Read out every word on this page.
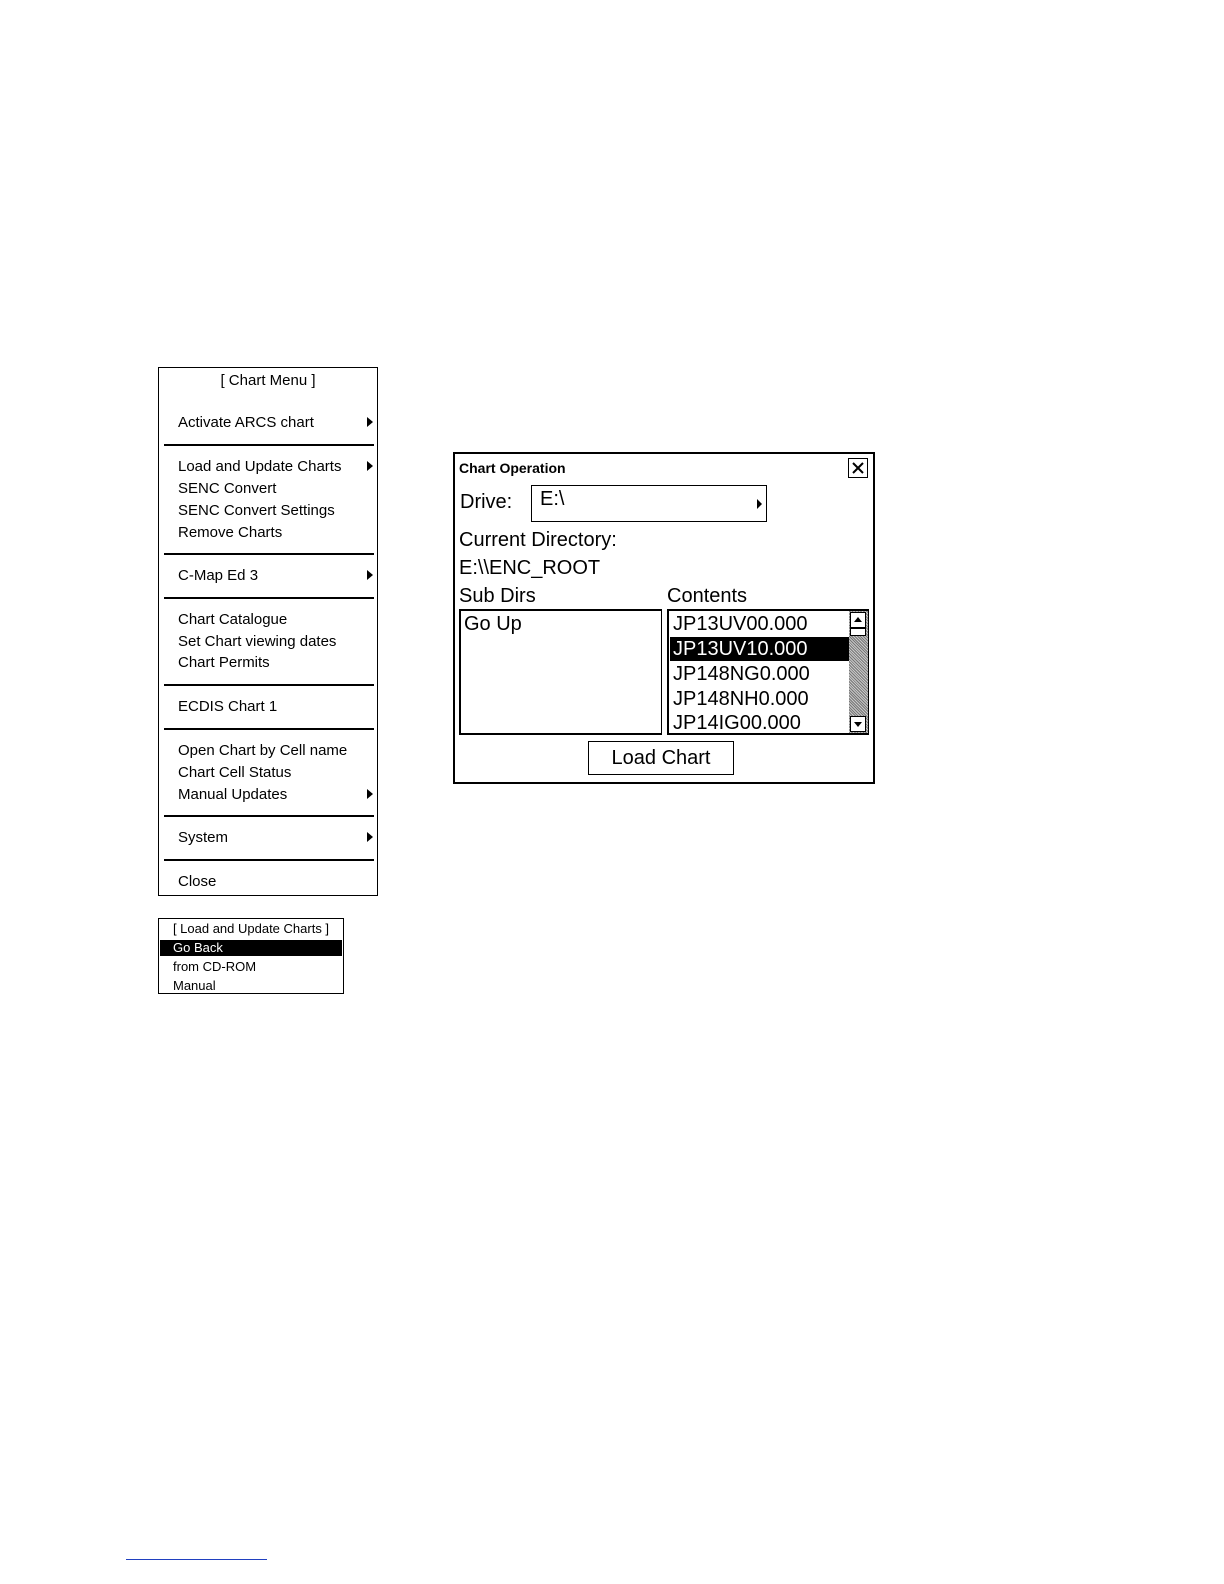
[ Chart Menu ]
Activate ARCS chart
Load and Update Charts
SENC Convert
SENC Convert Settings
Remove Charts
C-Map Ed 3
Chart Catalogue
Set Chart viewing dates
Chart Permits
ECDIS Chart 1
Open Chart by Cell name
Chart Cell Status
Manual Updates
System
Close
[ Load and Update Charts ]
Go Back
from CD-ROM
Manual
Chart Operation
Drive: E:\
Current Directory:
E:\\ENC_ROOT
Sub Dirs	Contents
Go Up	JP13UV00.000
JP13UV10.000
JP148NG0.000
JP148NH0.000
JP14IG00.000
Load Chart
